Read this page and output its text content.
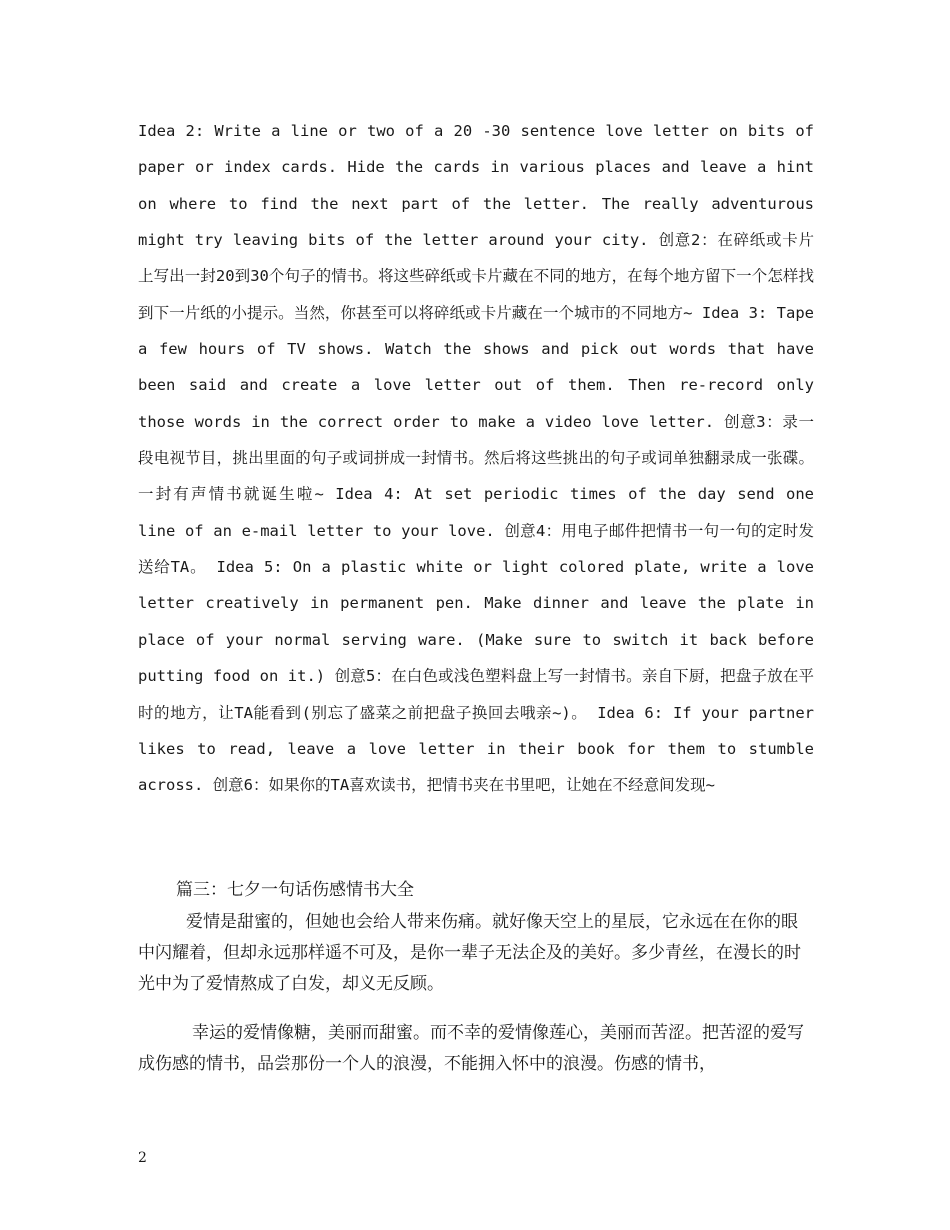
Idea 2: Write a line or two of a 20 -30 sentence love letter on bits of paper or index cards. Hide the cards in various places and leave a hint on where to find the next part of the letter. The really adventurous might try leaving bits of the letter around your city. 创意2：在碎纸或卡片上写出一封20到30个句子的情书。将这些碎纸或卡片藏在不同的地方，在每个地方留下一个怎样找到下一片纸的小提示。当然，你甚至可以将碎纸或卡片藏在一个城市的不同地方~ Idea 3: Tape a few hours of TV shows. Watch the shows and pick out words that have been said and create a love letter out of them. Then re-record only those words in the correct order to make a video love letter. 创意3：录一段电视节目，挑出里面的句子或词拼成一封情书。然后将这些挑出的句子或词单独翻录成一张碟。一封有声情书就诞生啦~ Idea 4: At set periodic times of the day send one line of an e-mail letter to your love. 创意4：用电子邮件把情书一句一句的定时发送给TA。 Idea 5: On a plastic white or light colored plate, write a love letter creatively in permanent pen. Make dinner and leave the plate in place of your normal serving ware. (Make sure to switch it back before putting food on it.) 创意5：在白色或浅色塑料盘上写一封情书。亲自下厨，把盘子放在平时的地方，让TA能看到(别忘了盛菜之前把盘子换回去哦亲~)。 Idea 6: If your partner likes to read, leave a love letter in their book for them to stumble across. 创意6：如果你的TA喜欢读书，把情书夹在书里吧，让她在不经意间发现~

篇三：七夕一句话伤感情书大全

爱情是甜蜜的，但她也会给人带来伤痛。就好像天空上的星辰，它永远在在你的眼中闪耀着，但却永远那样遥不可及，是你一辈子无法企及的美好。多少青丝，在漫长的时光中为了爱情熬成了白发，却义无反顾。

幸运的爱情像糖，美丽而甜蜜。而不幸的爱情像莲心，美丽而苦涩。把苦涩的爱写成伤感的情书，品尝那份一个人的浪漫，不能拥入怀中的浪漫。伤感的情书，

2
